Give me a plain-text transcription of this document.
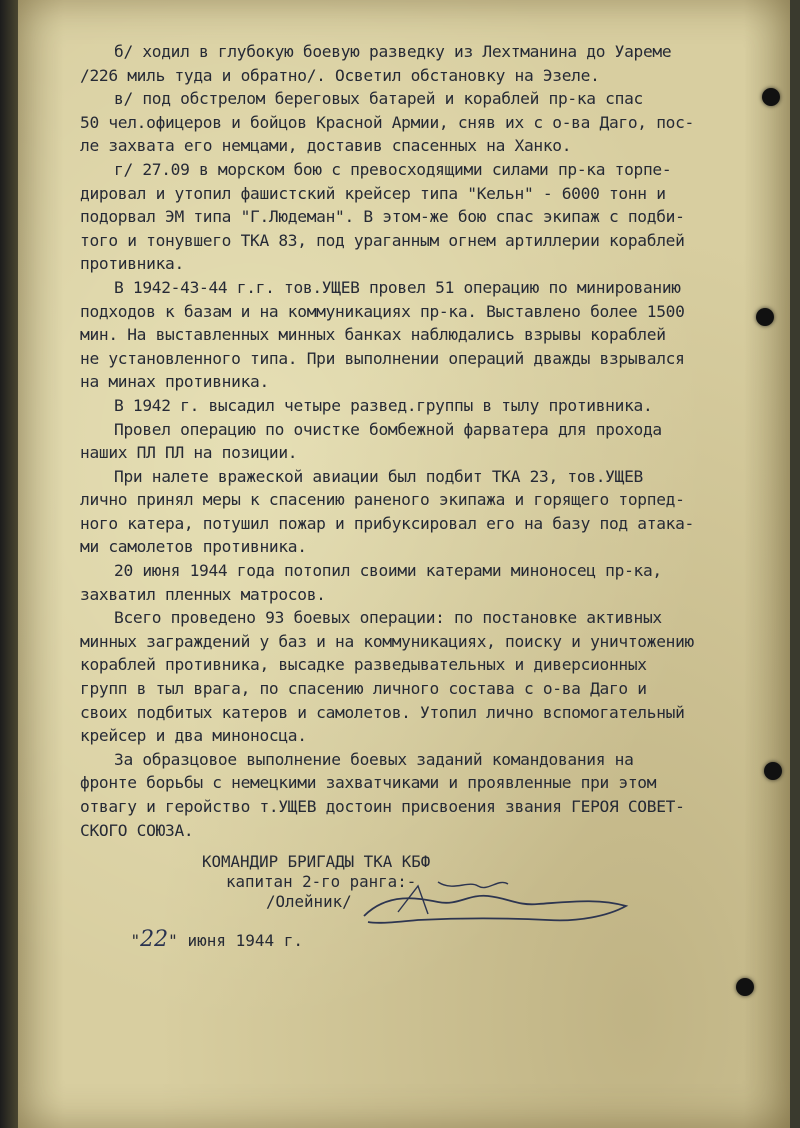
б/ ходил в глубокую боевую разведку из Лехтманина до Уареме
/226 миль туда и обратно/. Осветил обстановку на Эзеле.
в/ под обстрелом береговых батарей и кораблей пр-ка спас
50 чел.офицеров и бойцов Красной Армии, сняв их с о-ва Даго, пос-
ле захвата его немцами, доставив спасенных на Ханко.
г/ 27.09 в морском бою с превосходящими силами пр-ка торпе-
дировал и утопил фашистский крейсер типа "Кельн" - 6000 тонн и
подорвал ЭМ типа "Г.Людеман". В этом-же бою спас экипаж с подби-
того и тонувшего ТКА 83, под ураганным огнем артиллерии кораблей
противника.
В 1942-43-44 г.г. тов.УЩЕВ провел 51 операцию по минированию
подходов к базам и на коммуникациях пр-ка. Выставлено более 1500
мин. На выставленных минных банках наблюдались взрывы кораблей
не установленного типа. При выполнении операций дважды взрывался
на минах противника.
В 1942 г. высадил четыре развед.группы в тылу противника.
Провел операцию по очистке бомбежной фарватера для прохода
наших ПЛ ПЛ на позиции.
При налете вражеской авиации был подбит ТКА 23, тов.УЩЕВ
лично принял меры к спасению раненого экипажа и горящего торпед-
ного катера, потушил пожар и прибуксировал его на базу под атака-
ми самолетов противника.
20 июня 1944 года потопил своими катерами миноносец пр-ка,
захватил пленных матросов.
Всего проведено 93 боевых операции: по постановке активных
минных заграждений у баз и на коммуникациях, поиску и уничтожению
кораблей противника, высадке разведывательных и диверсионных
групп в тыл врага, по спасению личного состава с о-ва Даго и
своих подбитых катеров и самолетов. Утопил лично вспомогательный
крейсер и два миноносца.
За образцовое выполнение боевых заданий командования на
фронте борьбы с немецкими захватчиками и проявленные при этом
отвагу и геройство т.УЩЕВ достоин присвоения звания ГЕРОЯ СОВЕТ-
СКОГО СОЮЗА.
КОМАНДИР БРИГАДЫ ТКА КБФ
капитан 2-го ранга:-
/Олейник/

"22" июня 1944 г.
